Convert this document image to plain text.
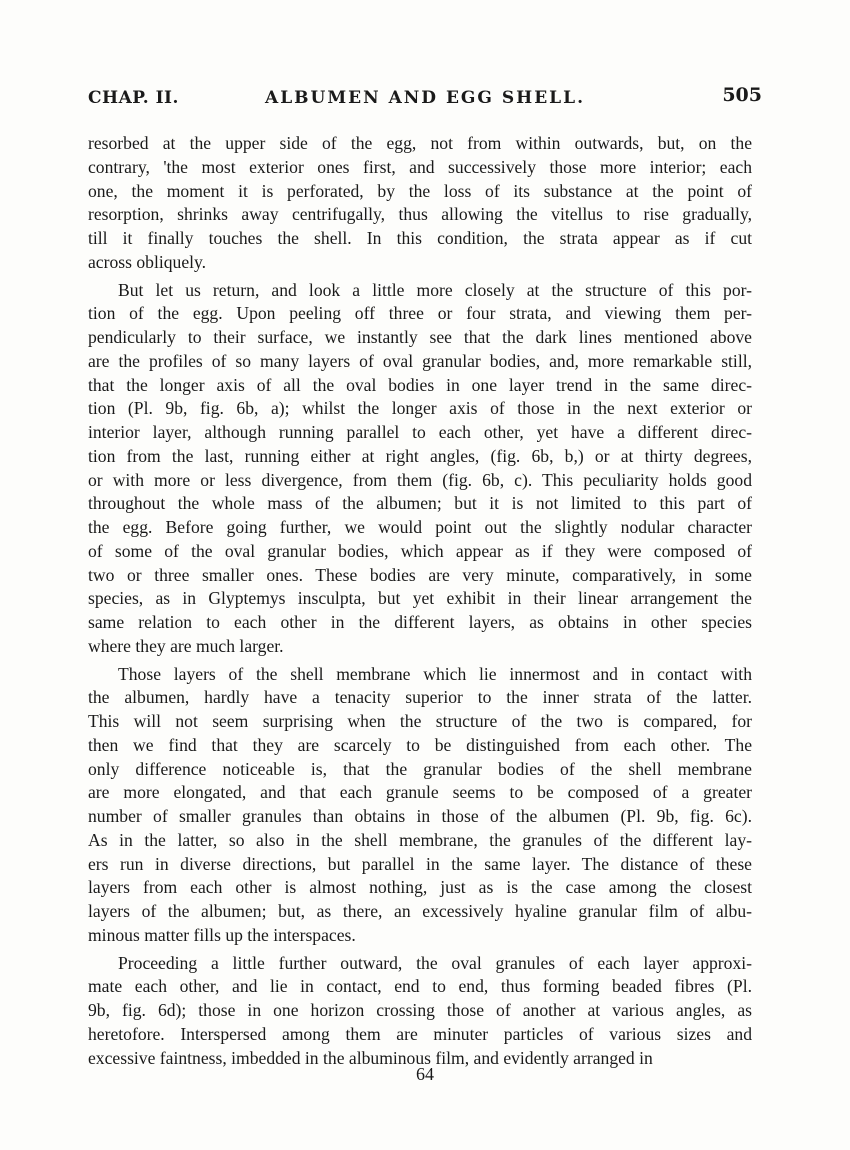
CHAP. II.	ALBUMEN AND EGG SHELL.	505

resorbed at the upper side of the egg, not from within outwards, but, on the
contrary, 'the most exterior ones first, and successively those more interior; each
one, the moment it is perforated, by the loss of its substance at the point of
resorption, shrinks away centrifugally, thus allowing the vitellus to rise gradually,
till it finally touches the shell. In this condition, the strata appear as if cut
across obliquely.

But let us return, and look a little more closely at the structure of this por-
tion of the egg. Upon peeling off three or four strata, and viewing them per-
pendicularly to their surface, we instantly see that the dark lines mentioned above
are the profiles of so many layers of oval granular bodies, and, more remarkable still,
that the longer axis of all the oval bodies in one layer trend in the same direc-
tion (Pl. 9b, fig. 6b, a); whilst the longer axis of those in the next exterior or
interior layer, although running parallel to each other, yet have a different direc-
tion from the last, running either at right angles, (fig. 6b, b,) or at thirty degrees,
or with more or less divergence, from them (fig. 6b, c). This peculiarity holds good
throughout the whole mass of the albumen; but it is not limited to this part of
the egg. Before going further, we would point out the slightly nodular character
of some of the oval granular bodies, which appear as if they were composed of
two or three smaller ones. These bodies are very minute, comparatively, in some
species, as in Glyptemys insculpta, but yet exhibit in their linear arrangement the
same relation to each other in the different layers, as obtains in other species
where they are much larger.

Those layers of the shell membrane which lie innermost and in contact with
the albumen, hardly have a tenacity superior to the inner strata of the latter.
This will not seem surprising when the structure of the two is compared, for
then we find that they are scarcely to be distinguished from each other. The
only difference noticeable is, that the granular bodies of the shell membrane
are more elongated, and that each granule seems to be composed of a greater
number of smaller granules than obtains in those of the albumen (Pl. 9b, fig. 6c).
As in the latter, so also in the shell membrane, the granules of the different lay-
ers run in diverse directions, but parallel in the same layer. The distance of these
layers from each other is almost nothing, just as is the case among the closest
layers of the albumen; but, as there, an excessively hyaline granular film of albu-
minous matter fills up the interspaces.

Proceeding a little further outward, the oval granules of each layer approxi-
mate each other, and lie in contact, end to end, thus forming beaded fibres (Pl.
9b, fig. 6d); those in one horizon crossing those of another at various angles, as
heretofore. Interspersed among them are minuter particles of various sizes and
excessive faintness, imbedded in the albuminous film, and evidently arranged in

64
